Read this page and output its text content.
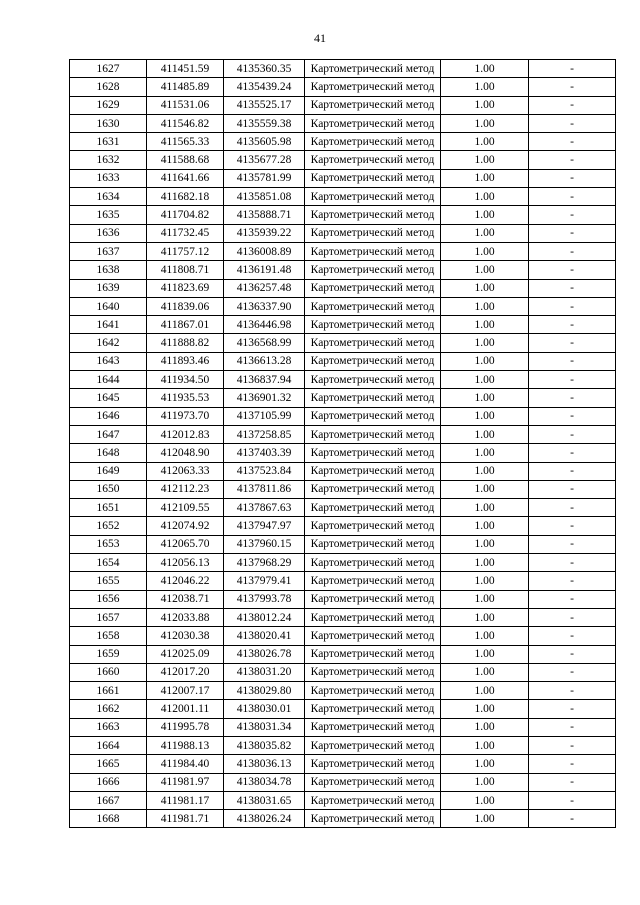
41
1627	411451.59	4135360.35	Картометрический метод	1.00	-
1628	411485.89	4135439.24	Картометрический метод	1.00	-
1629	411531.06	4135525.17	Картометрический метод	1.00	-
1630	411546.82	4135559.38	Картометрический метод	1.00	-
1631	411565.33	4135605.98	Картометрический метод	1.00	-
1632	411588.68	4135677.28	Картометрический метод	1.00	-
1633	411641.66	4135781.99	Картометрический метод	1.00	-
1634	411682.18	4135851.08	Картометрический метод	1.00	-
1635	411704.82	4135888.71	Картометрический метод	1.00	-
1636	411732.45	4135939.22	Картометрический метод	1.00	-
1637	411757.12	4136008.89	Картометрический метод	1.00	-
1638	411808.71	4136191.48	Картометрический метод	1.00	-
1639	411823.69	4136257.48	Картометрический метод	1.00	-
1640	411839.06	4136337.90	Картометрический метод	1.00	-
1641	411867.01	4136446.98	Картометрический метод	1.00	-
1642	411888.82	4136568.99	Картометрический метод	1.00	-
1643	411893.46	4136613.28	Картометрический метод	1.00	-
1644	411934.50	4136837.94	Картометрический метод	1.00	-
1645	411935.53	4136901.32	Картометрический метод	1.00	-
1646	411973.70	4137105.99	Картометрический метод	1.00	-
1647	412012.83	4137258.85	Картометрический метод	1.00	-
1648	412048.90	4137403.39	Картометрический метод	1.00	-
1649	412063.33	4137523.84	Картометрический метод	1.00	-
1650	412112.23	4137811.86	Картометрический метод	1.00	-
1651	412109.55	4137867.63	Картометрический метод	1.00	-
1652	412074.92	4137947.97	Картометрический метод	1.00	-
1653	412065.70	4137960.15	Картометрический метод	1.00	-
1654	412056.13	4137968.29	Картометрический метод	1.00	-
1655	412046.22	4137979.41	Картометрический метод	1.00	-
1656	412038.71	4137993.78	Картометрический метод	1.00	-
1657	412033.88	4138012.24	Картометрический метод	1.00	-
1658	412030.38	4138020.41	Картометрический метод	1.00	-
1659	412025.09	4138026.78	Картометрический метод	1.00	-
1660	412017.20	4138031.20	Картометрический метод	1.00	-
1661	412007.17	4138029.80	Картометрический метод	1.00	-
1662	412001.11	4138030.01	Картометрический метод	1.00	-
1663	411995.78	4138031.34	Картометрический метод	1.00	-
1664	411988.13	4138035.82	Картометрический метод	1.00	-
1665	411984.40	4138036.13	Картометрический метод	1.00	-
1666	411981.97	4138034.78	Картометрический метод	1.00	-
1667	411981.17	4138031.65	Картометрический метод	1.00	-
1668	411981.71	4138026.24	Картометрический метод	1.00	-
